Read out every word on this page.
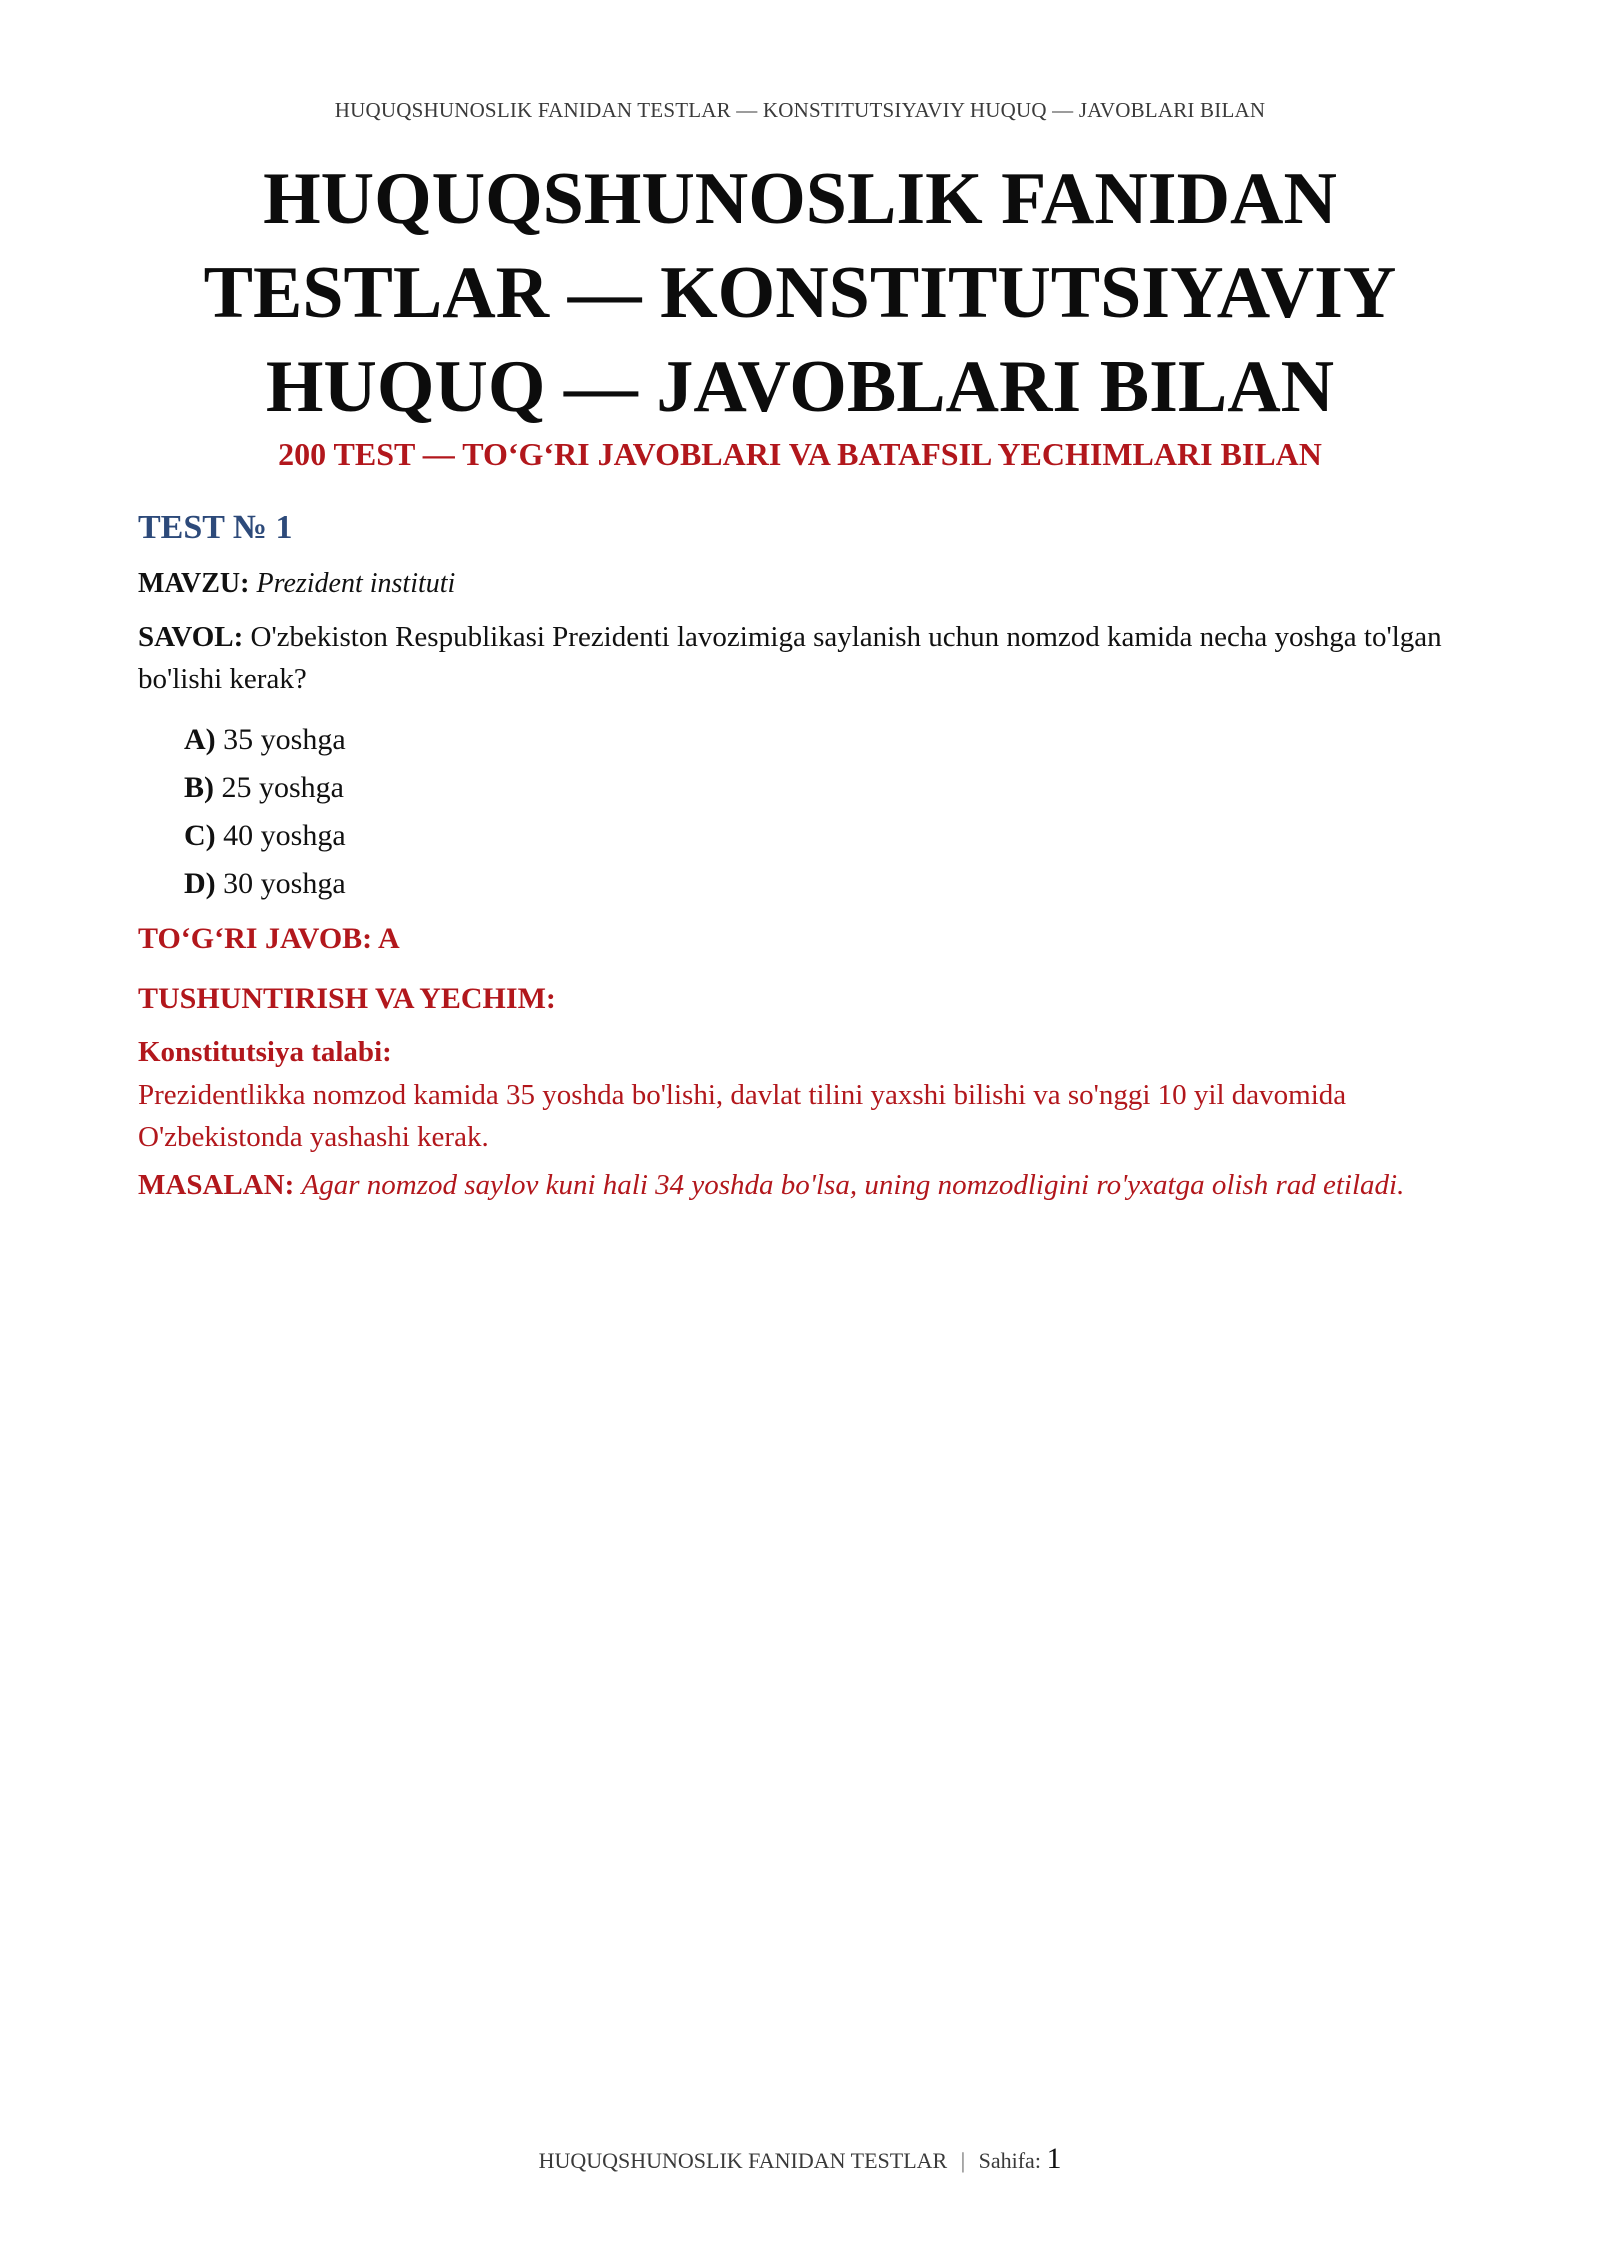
HUQUQSHUNOSLIK FANIDAN TESTLAR — KONSTITUTSIYAVIY HUQUQ — JAVOBLARI BILAN
HUQUQSHUNOSLIK FANIDAN
TESTLAR — KONSTITUTSIYAVIY
HUQUQ — JAVOBLARI BILAN
200 TEST — TO‘G‘RI JAVOBLARI VA BATAFSIL YECHIMLARI BILAN
TEST № 1
MAVZU: Prezident instituti
SAVOL: O'zbekiston Respublikasi Prezidenti lavozimiga saylanish uchun nomzod kamida necha yoshga to'lgan bo'lishi kerak?
A) 35 yoshga
B) 25 yoshga
C) 40 yoshga
D) 30 yoshga
TO‘G‘RI JAVOB: A
TUSHUNTIRISH VA YECHIM:
Konstitutsiya talabi:
Prezidentlikka nomzod kamida 35 yoshda bo'lishi, davlat tilini yaxshi bilishi va so'nggi 10 yil davomida O'zbekistonda yashashi kerak.
MASALAN: Agar nomzod saylov kuni hali 34 yoshda bo'lsa, uning nomzodligini ro'yxatga olish rad etiladi.
HUQUQSHUNOSLIK FANIDAN TESTLAR | Sahifa: 1
